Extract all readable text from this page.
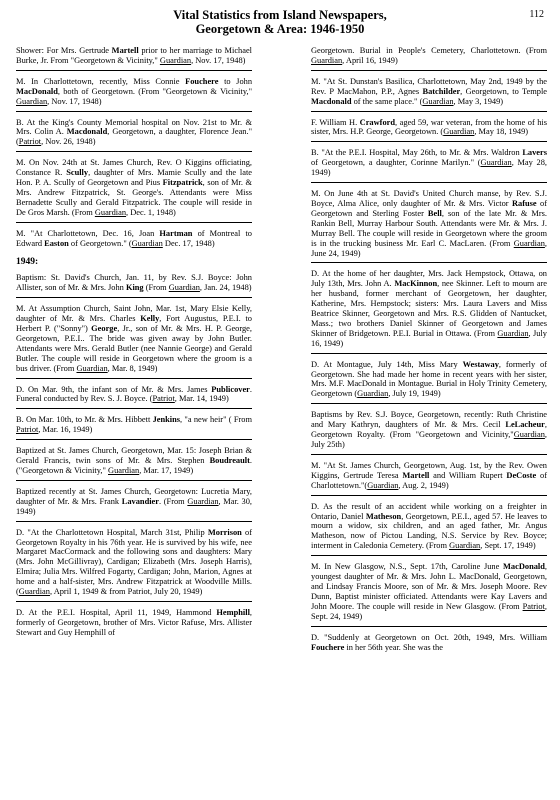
112
Vital Statistics from Island Newspapers,
Georgetown & Area: 1946-1950
Shower: For Mrs. Gertrude Martell prior to her marriage to Michael Burke, Jr. From "Georgetown & Vicinity," Guardian, Nov. 17, 1948)
M. In Charlottetown, recently, Miss Connie Fouchere to John MacDonald, both of Georgetown. (From "Georgetown & Vicinity," Guardian, Nov. 17, 1948)
B. At the King's County Memorial hospital on Nov. 21st to Mr. & Mrs. Colin A. Macdonald, Georgetown, a daughter, Florence Jean." (Patriot, Nov. 26, 1948)
M. On Nov. 24th at St. James Church, Rev. O Kiggins officiating, Constance R. Scully, daughter of Mrs. Mamie Scully and the late Hon. P. A. Scully of Georgetown and Pius Fitzpatrick, son of Mr. & Mrs. Andrew Fitzpatrick, St. George's. Attendants were Miss Bernadette Scully and Gerald Fitzpatrick. The couple will reside in De Gros Marsh. (From Guardian, Dec. 1, 1948)
M. "At Charlottetown, Dec. 16, Joan Hartman of Montreal to Edward Easton of Georgetown." (Guardian Dec. 17, 1948)
1949:
Baptism: St. David's Church, Jan. 11, by Rev. S.J. Boyce: John Allister, son of Mr. & Mrs. John King (From Guardian, Jan. 24, 1948)
M. At Assumption Church, Saint John, Mar. 1st, Mary Elsie Kelly, daughter of Mr. & Mrs. Charles Kelly, Fort Augustus, P.E.I. to Herbert P. ("Sonny") George, Jr., son of Mr. & Mrs. H. P. George, Georgetown, P.E.I.. The bride was given away by John Butler. Attendants were Mrs. Gerald Butler (nee Nannie George) and Gerald Butler. The couple will reside in Georgetown where the groom is a bus driver. (From Guardian, Mar. 8, 1949)
D. On Mar. 9th, the infant son of Mr. & Mrs. James Publicover. Funeral conducted by Rev. S. J. Boyce. (Patriot, Mar. 14, 1949)
B. On Mar. 10th, to Mr. & Mrs. Hibbett Jenkins, "a new heir" ( From Patriot, Mar. 16, 1949)
Baptized at St. James Church, Georgetown, Mar. 15: Joseph Brian & Gerald Francis, twin sons of Mr. & Mrs. Stephen Boudreault. ("Georgetown & Vicinity," Guardian, Mar. 17, 1949)
Baptized recently at St. James Church, Georgetown: Lucretia Mary, daughter of Mr. & Mrs. Frank Lavandier. (From Guardian, Mar. 30, 1949)
D. "At the Charlottetown Hospital, March 31st, Philip Morrison of Georgetown Royalty in his 76th year. He is survived by his wife, nee Margaret MacCormack and the following sons and daughters: Mary (Mrs. John McGillivray), Cardigan; Elizabeth (Mrs. Joseph Harris), Elmira; Julia Mrs. Wilfred Fogarty, Cardigan; John, Marion, Agnes at home and a half-sister, Mrs. Andrew Fitzpatrick at Woodville Mills. (Guardian, April 1, 1949 & from Patriot, July 20, 1949)
D. At the P.E.I. Hospital, April 11, 1949, Hammond Hemphill, formerly of Georgetown, brother of Mrs. Victor Rafuse, Mrs. Allister Stewart and Guy Hemphill of
Georgetown. Burial in People's Cemetery, Charlottetown. (From Guardian, April 16, 1949)
M. "At St. Dunstan's Basilica, Charlottetown, May 2nd, 1949 by the Rev. P MacMahon, P.P., Agnes Batchilder, Georgetown, to Temple Macdonald of the same place." (Guardian, May 3, 1949)
F. William H. Crawford, aged 59, war veteran, from the home of his sister, Mrs. H.P. George, Georgetown. (Guardian, May 18, 1949)
B. "At the P.E.I. Hospital, May 26th, to Mr. & Mrs. Waldron Lavers of Georgetown, a daughter, Corinne Marilyn." (Guardian, May 28, 1949)
M. On June 4th at St. David's United Church manse, by Rev. S.J. Boyce, Alma Alice, only daughter of Mr. & Mrs. Victor Rafuse of Georgetown and Sterling Foster Bell, son of the late Mr. & Mrs. Rankin Bell, Murray Harbour South. Attendants were Mr. & Mrs. J. Murray Bell. The couple will reside in Georgetown where the groom is in the trucking business Mr. Earl C. MacLaren. (From Guardian, June 24, 1949)
D. At the home of her daughter, Mrs. Jack Hempstock, Ottawa, on July 13th, Mrs. John A. MacKinnon, nee Skinner. Left to mourn are her husband, former merchant of Georgetown, her daughter, Katherine, Mrs. Hempstock; sisters: Mrs. Laura Lavers and Miss Beatrice Skinner, Georgetown and Mrs. R.S. Glidden of Nantucket, Mass.; two brothers Daniel Skinner of Georgetown and James Skinner of Bridgetown. P.E.I. Burial in Ottawa. (From Guardian, July 16, 1949)
D. At Montague, July 14th, Miss Mary Westaway, formerly of Georgetown. She had made her home in recent years with her sister, Mrs. M.F. MacDonald in Montague. Burial in Holy Trinity Cemetery, Georgetown (Guardian, July 19, 1949)
Baptisms by Rev. S.J. Boyce, Georgetown, recently: Ruth Christine and Mary Kathryn, daughters of Mr. & Mrs. Cecil LeLacheur, Georgetown Royalty. (From "Georgetown and Vicinity,"Guardian, July 25th)
M. "At St. James Church, Georgetown, Aug. 1st, by the Rev. Owen Kiggins, Gertrude Teresa Martell and William Rupert DeCoste of Charlottetown."(Guardian, Aug. 2, 1949)
D. As the result of an accident while working on a freighter in Ontario, Daniel Matheson, Georgetown, P.E.I., aged 57. He leaves to mourn a widow, six children, and an aged father, Mr. Angus Matheson, now of Pictou Landing, N.S. Service by Rev. Boyce; interment in Caledonia Cemetery. (From Guardian, Sept. 17, 1949)
M. In New Glasgow, N.S., Sept. 17th, Caroline June MacDonald, youngest daughter of Mr. & Mrs. John L. MacDonald, Georgetown, and Lindsay Francis Moore, son of Mr. & Mrs. Joseph Moore. Rev Dunn, Baptist minister officiated. Attendants were Kay Lavers and John Moore. The couple will reside in New Glasgow. (From Patriot, Sept. 24, 1949)
D. "Suddenly at Georgetown on Oct. 20th, 1949, Mrs. William Fouchere in her 56th year. She was the
